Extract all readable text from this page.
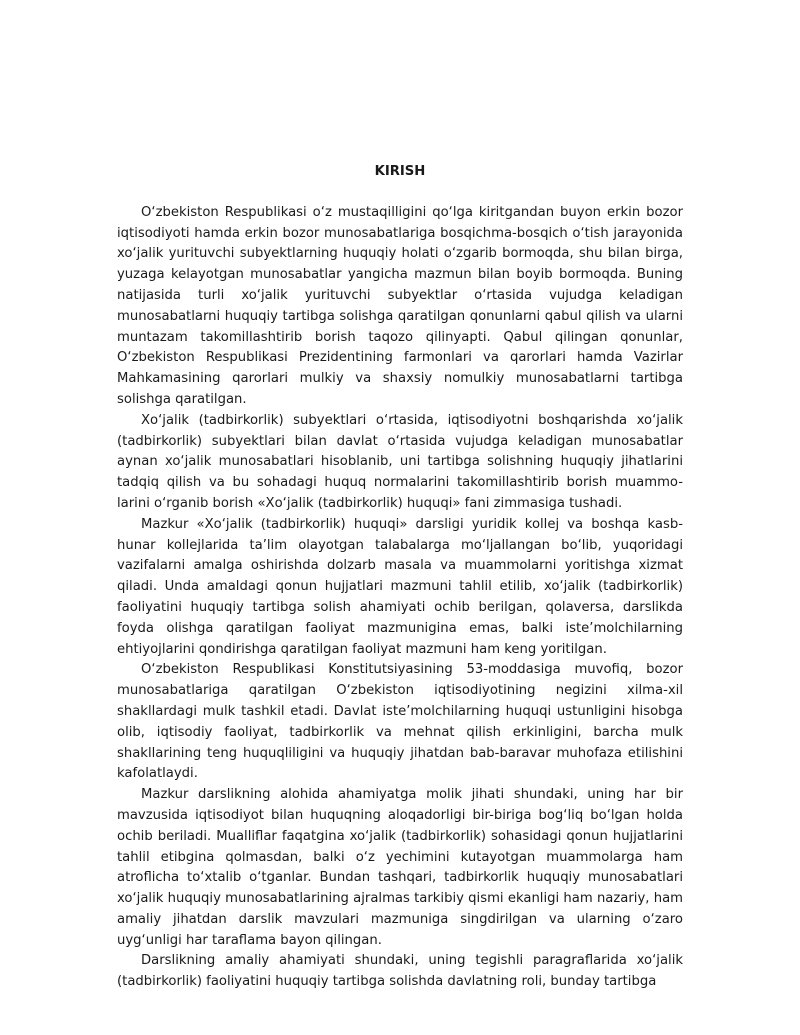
KIRISH

O‘zbekiston Respublikasi o‘z mustaqilligini qo‘lga kiritgandan buyon erkin bozor iqtisodiyoti hamda erkin bozor munosabatlariga bosqichma-bosqich o‘tish jarayonida xo‘jalik yurituvchi subyektlarning huquqiy holati o‘zgarib bormoqda, shu bilan birga, yuzaga kelayotgan munosabatlar yangicha mazmun bilan boyib bormoqda. Buning natijasida turli xo‘jalik yurituvchi subyektlar o‘rtasida vujudga keladigan munosabatlarni huquqiy tartibga solishga qaratilgan qonunlarni qabul qilish va ularni muntazam takomillashtirib borish taqozo qilinyapti. Qabul qilingan qonunlar, O‘zbekiston Respublikasi Prezidentining farmonlari va qarorlari hamda Vazirlar Mahkamasining qarorlari mulkiy va shaxsiy nomulkiy munosabatlarni tartibga solishga qaratilgan.

Xo‘jalik (tadbirkorlik) subyektlari o‘rtasida, iqtisodiyotni boshqarishda xo‘jalik (tadbirkorlik) subyektlari bilan davlat o‘rtasida vujudga keladigan munosabatlar aynan xo‘jalik munosabatlari hisoblanib, uni tartibga solishning huquqiy jihatlarini tadqiq qilish va bu sohadagi huquq normalarini takomillashtirib borish muammo-larini o‘rganib borish «Xo‘jalik (tadbirkorlik) huquqi» fani zimmasiga tushadi.

Mazkur «Xo‘jalik (tadbirkorlik) huquqi» darsligi yuridik kollej va boshqa kasb-hunar kollejlarida ta’lim olayotgan talabalarga mo‘ljallangan bo‘lib, yuqoridagi vazifalarni amalga oshirishda dolzarb masala va muammolarni yoritishga xizmat qiladi. Unda amaldagi qonun hujjatlari mazmuni tahlil etilib, xo‘jalik (tadbirkorlik) faoliyatini huquqiy tartibga solish ahamiyati ochib berilgan, qolaversa, darslikda foyda olishga qaratilgan faoliyat mazmunigina emas, balki iste’molchilarning ehtiyojlarini qondirishga qaratilgan faoliyat mazmuni ham keng yoritilgan.

O‘zbekiston Respublikasi Konstitutsiyasining 53-moddasiga muvofiq, bozor munosabatlariga qaratilgan O‘zbekiston iqtisodiyotining negizini xilma-xil shakllardagi mulk tashkil etadi. Davlat iste’molchilarning huquqi ustunligini hisobga olib, iqtisodiy faoliyat, tadbirkorlik va mehnat qilish erkinligini, barcha mulk shakllarining teng huquqliligini va huquqiy jihatdan bab-baravar muhofaza etilishini kafolatlaydi.

Mazkur darslikning alohida ahamiyatga molik jihati shundaki, uning har bir mavzusida iqtisodiyot bilan huquqning aloqadorligi bir-biriga bog‘liq bo‘lgan holda ochib beriladi. Mualliflar faqatgina xo‘jalik (tadbirkorlik) sohasidagi qonun hujjatlarini tahlil etibgina qolmasdan, balki o‘z yechimini kutayotgan muammolarga ham atroflicha to‘xtalib o‘tganlar. Bundan tashqari, tadbirkorlik huquqiy munosabatlari xo‘jalik huquqiy munosabatlarining ajralmas tarkibiy qismi ekanligi ham nazariy, ham amaliy jihatdan darslik mavzulari mazmuniga singdirilgan va ularning o‘zaro uyg‘unligi har taraflama bayon qilingan.

Darslikning amaliy ahamiyati shundaki, uning tegishli paragraflarida xo‘jalik (tadbirkorlik) faoliyatini huquqiy tartibga solishda davlatning roli, bunday tartibga
